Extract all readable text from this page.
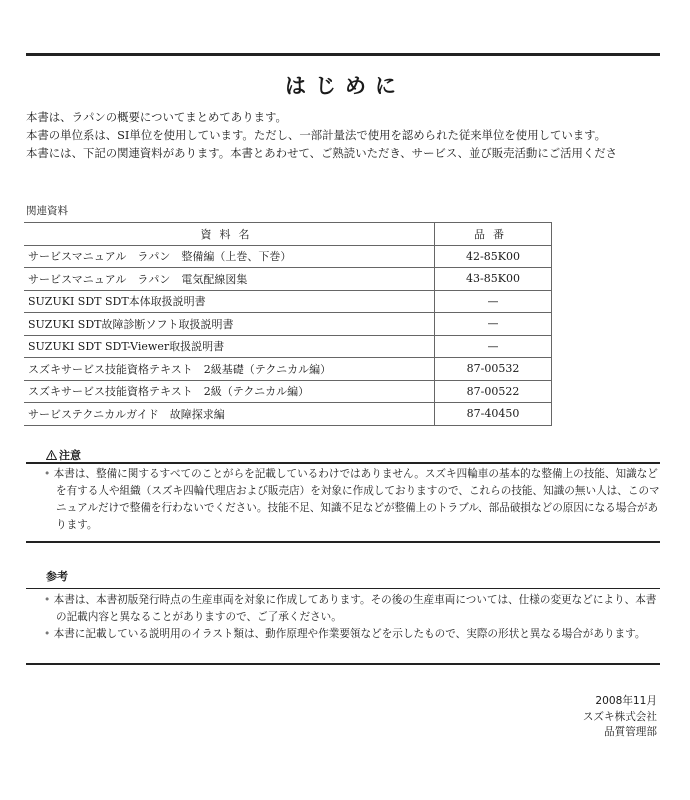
はじめに

本書は、ラパンの概要についてまとめてあります。

本書の単位系は、SI単位を使用しています。ただし、一部計量法で使用を認められた従来単位を使用しています。

本書には、下記の関連資料があります。本書とあわせて、ご熟読いただき、サービス、並び販売活動にご活用くださ

関連資料
資料名	品番
サービスマニュアル　ラパン　整備編（上巻、下巻）	42-85K00
サービスマニュアル　ラパン　電気配線図集	43-85K00
SUZUKI SDT SDT本体取扱説明書	—
SUZUKI SDT故障診断ソフト取扱説明書	—
SUZUKI SDT SDT-Viewer取扱説明書	—
スズキサービス技能資格テキスト　2級基礎（テクニカル編）	87-00532
スズキサービス技能資格テキスト　2級（テクニカル編）	87-00522
サービステクニカルガイド　故障探求編	87-40450
注意

• 本書は、整備に関するすべてのことがらを記載しているわけではありません。スズキ四輪車の基本的な整備上の技能、知識などを有する人や組織（スズキ四輪代理店および販売店）を対象に作成しておりますので、これらの技能、知識の無い人は、このマニュアルだけで整備を行わないでください。技能不足、知識不足などが整備上のトラブル、部品破損などの原因になる場合があります。

参考

• 本書は、本書初版発行時点の生産車両を対象に作成してあります。その後の生産車両については、仕様の変更などにより、本書の記載内容と異なることがありますので、ご了承ください。

• 本書に記載している説明用のイラスト類は、動作原理や作業要領などを示したもので、実際の形状と異なる場合があります。

2008年11月
スズキ株式会社
品質管理部
